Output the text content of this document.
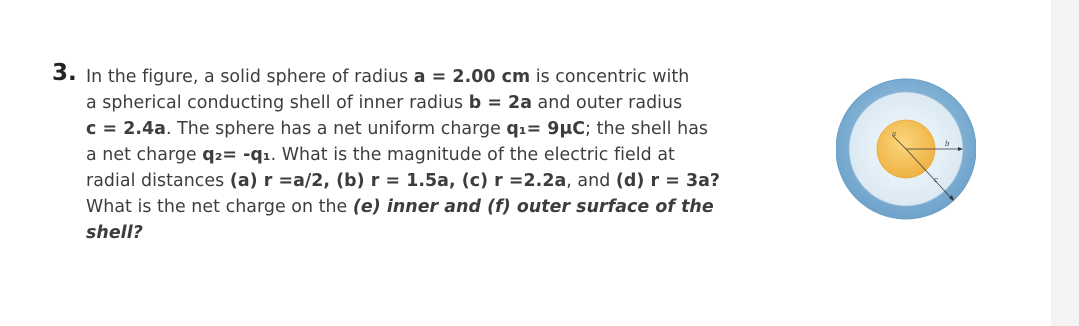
3. In the figure, a solid sphere of radius a = 2.00 cm is concentric with
a spherical conducting shell of inner radius b = 2a and outer radius
c = 2.4a. The sphere has a net uniform charge q₁= 9μC; the shell has
a net charge q₂= -q₁. What is the magnitude of the electric field at
radial distances (a) r =a/2, (b) r = 1.5a, (c) r =2.2a, and (d) r = 3a?
What is the net charge on the (e) inner and (f) outer surface of the
shell?
a
b
c
